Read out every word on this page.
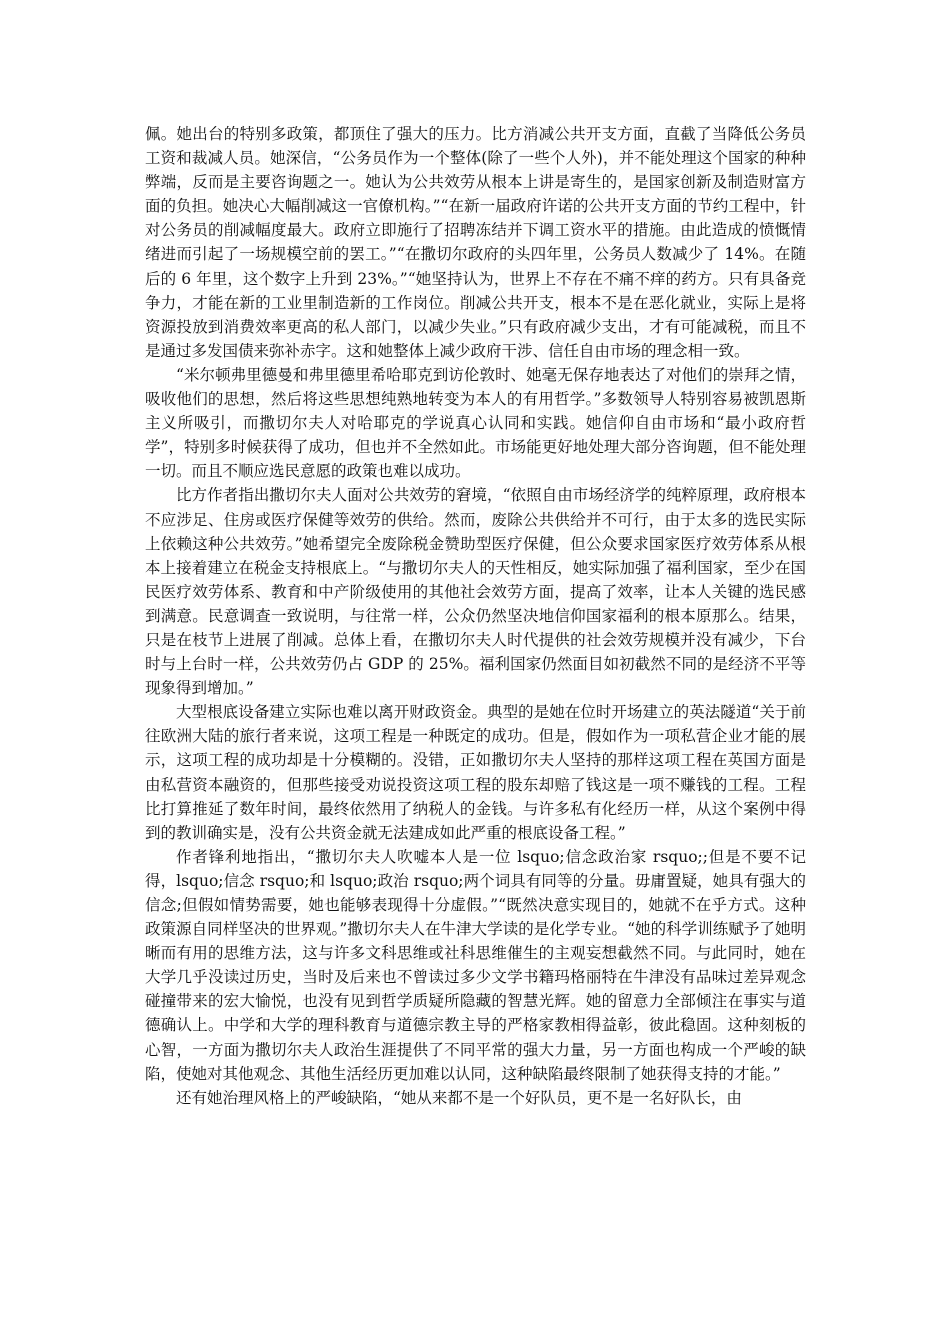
佩。她出台的特别多政策，都顶住了强大的压力。比方消减公共开支方面，直截了当降低公务员工资和裁减人员。她深信，“公务员作为一个整体(除了一些个人外)，并不能处理这个国家的种种弊端，反而是主要咨询题之一。她认为公共效劳从根本上讲是寄生的，是国家创新及制造财富方面的负担。她决心大幅削减这一官僚机构。”“在新一届政府许诺的公共开支方面的节约工程中，针对公务员的削减幅度最大。政府立即施行了招聘冻结并下调工资水平的措施。由此造成的愤慨情绪进而引起了一场规模空前的罢工。”“在撒切尔政府的头四年里，公务员人数减少了 14%。在随后的 6 年里，这个数字上升到 23%。”“她坚持认为，世界上不存在不痛不痒的药方。只有具备竞争力，才能在新的工业里制造新的工作岗位。削减公共开支，根本不是在恶化就业，实际上是将资源投放到消费效率更高的私人部门，以减少失业。”只有政府减少支出，才有可能减税，而且不是通过多发国债来弥补赤字。这和她整体上减少政府干涉、信任自由市场的理念相一致。

“米尔顿弗里德曼和弗里德里希哈耶克到访伦敦时、她毫无保存地表达了对他们的崇拜之情，吸收他们的思想，然后将这些思想纯熟地转变为本人的有用哲学。”多数领导人特别容易被凯恩斯主义所吸引，而撒切尔夫人对哈耶克的学说真心认同和实践。她信仰自由市场和“最小政府哲学”，特别多时候获得了成功，但也并不全然如此。市场能更好地处理大部分咨询题，但不能处理一切。而且不顺应选民意愿的政策也难以成功。

比方作者指出撒切尔夫人面对公共效劳的窘境，“依照自由市场经济学的纯粹原理，政府根本不应涉足、住房或医疗保健等效劳的供给。然而，废除公共供给并不可行，由于太多的选民实际上依赖这种公共效劳。”她希望完全废除税金赞助型医疗保健，但公众要求国家医疗效劳体系从根本上接着建立在税金支持根底上。“与撒切尔夫人的天性相反，她实际加强了福利国家，至少在国民医疗效劳体系、教育和中产阶级使用的其他社会效劳方面，提高了效率，让本人关键的选民感到满意。民意调查一致说明，与往常一样，公众仍然坚决地信仰国家福利的根本原那么。结果，只是在枝节上进展了削减。总体上看，在撒切尔夫人时代提供的社会效劳规模并没有减少，下台时与上台时一样，公共效劳仍占 GDP 的 25%。福利国家仍然面目如初截然不同的是经济不平等现象得到增加。”

大型根底设备建立实际也难以离开财政资金。典型的是她在位时开场建立的英法隧道“关于前往欧洲大陆的旅行者来说，这项工程是一种既定的成功。但是，假如作为一项私营企业才能的展示，这项工程的成功却是十分模糊的。没错，正如撒切尔夫人坚持的那样这项工程在英国方面是由私营资本融资的，但那些接受劝说投资这项工程的股东却赔了钱这是一项不赚钱的工程。工程比打算推延了数年时间，最终依然用了纳税人的金钱。与许多私有化经历一样，从这个案例中得到的教训确实是，没有公共资金就无法建成如此严重的根底设备工程。”

作者锋利地指出，“撒切尔夫人吹嘘本人是一位 lsquo;信念政治家 rsquo;;但是不要不记得，lsquo;信念 rsquo;和 lsquo;政治 rsquo;两个词具有同等的分量。毋庸置疑，她具有强大的信念;但假如情势需要，她也能够表现得十分虚假。”“既然决意实现目的，她就不在乎方式。这种政策源自同样坚决的世界观。”撒切尔夫人在牛津大学读的是化学专业。“她的科学训练赋予了她明晰而有用的思维方法，这与许多文科思维或社科思维催生的主观妄想截然不同。与此同时，她在大学几乎没读过历史，当时及后来也不曾读过多少文学书籍玛格丽特在牛津没有品味过差异观念碰撞带来的宏大愉悦，也没有见到哲学质疑所隐藏的智慧光辉。她的留意力全部倾注在事实与道德确认上。中学和大学的理科教育与道德宗教主导的严格家教相得益彰，彼此稳固。这种刻板的心智，一方面为撒切尔夫人政治生涯提供了不同平常的强大力量，另一方面也构成一个严峻的缺陷，使她对其他观念、其他生活经历更加难以认同，这种缺陷最终限制了她获得支持的才能。”

还有她治理风格上的严峻缺陷，“她从来都不是一个好队员，更不是一名好队长，由
